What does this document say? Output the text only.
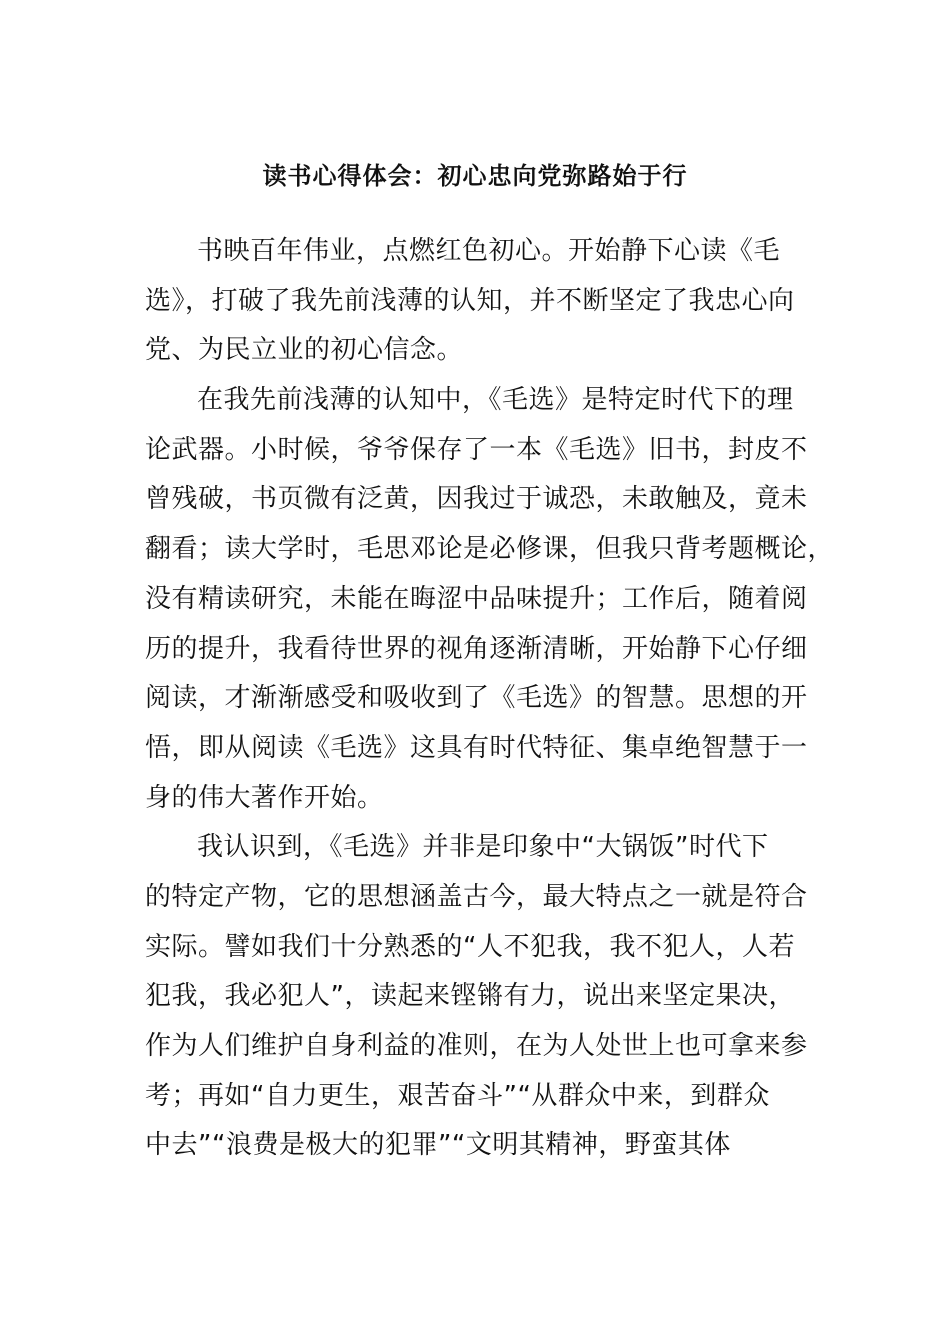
读书心得体会：初心忠向党弥路始于行
书映百年伟业，点燃红色初心。开始静下心读《毛
选》，打破了我先前浅薄的认知，并不断坚定了我忠心向
党、为民立业的初心信念。
在我先前浅薄的认知中，《毛选》是特定时代下的理
论武器。小时候，爷爷保存了一本《毛选》旧书，封皮不
曾残破，书页微有泛黄，因我过于诚恐，未敢触及，竟未
翻看；读大学时，毛思邓论是必修课，但我只背考题概论，
没有精读研究，未能在晦涩中品味提升；工作后，随着阅
历的提升，我看待世界的视角逐渐清晰，开始静下心仔细
阅读，才渐渐感受和吸收到了《毛选》的智慧。思想的开
悟，即从阅读《毛选》这具有时代特征、集卓绝智慧于一
身的伟大著作开始。
我认识到，《毛选》并非是印象中“大锅饭”时代下
的特定产物，它的思想涵盖古今，最大特点之一就是符合
实际。譬如我们十分熟悉的“人不犯我，我不犯人，人若
犯我，我必犯人”，读起来铿锵有力，说出来坚定果决，
作为人们维护自身利益的准则，在为人处世上也可拿来参
考；再如“自力更生，艰苦奋斗”“从群众中来，到群众
中去”“浪费是极大的犯罪”“文明其精神，野蛮其体
